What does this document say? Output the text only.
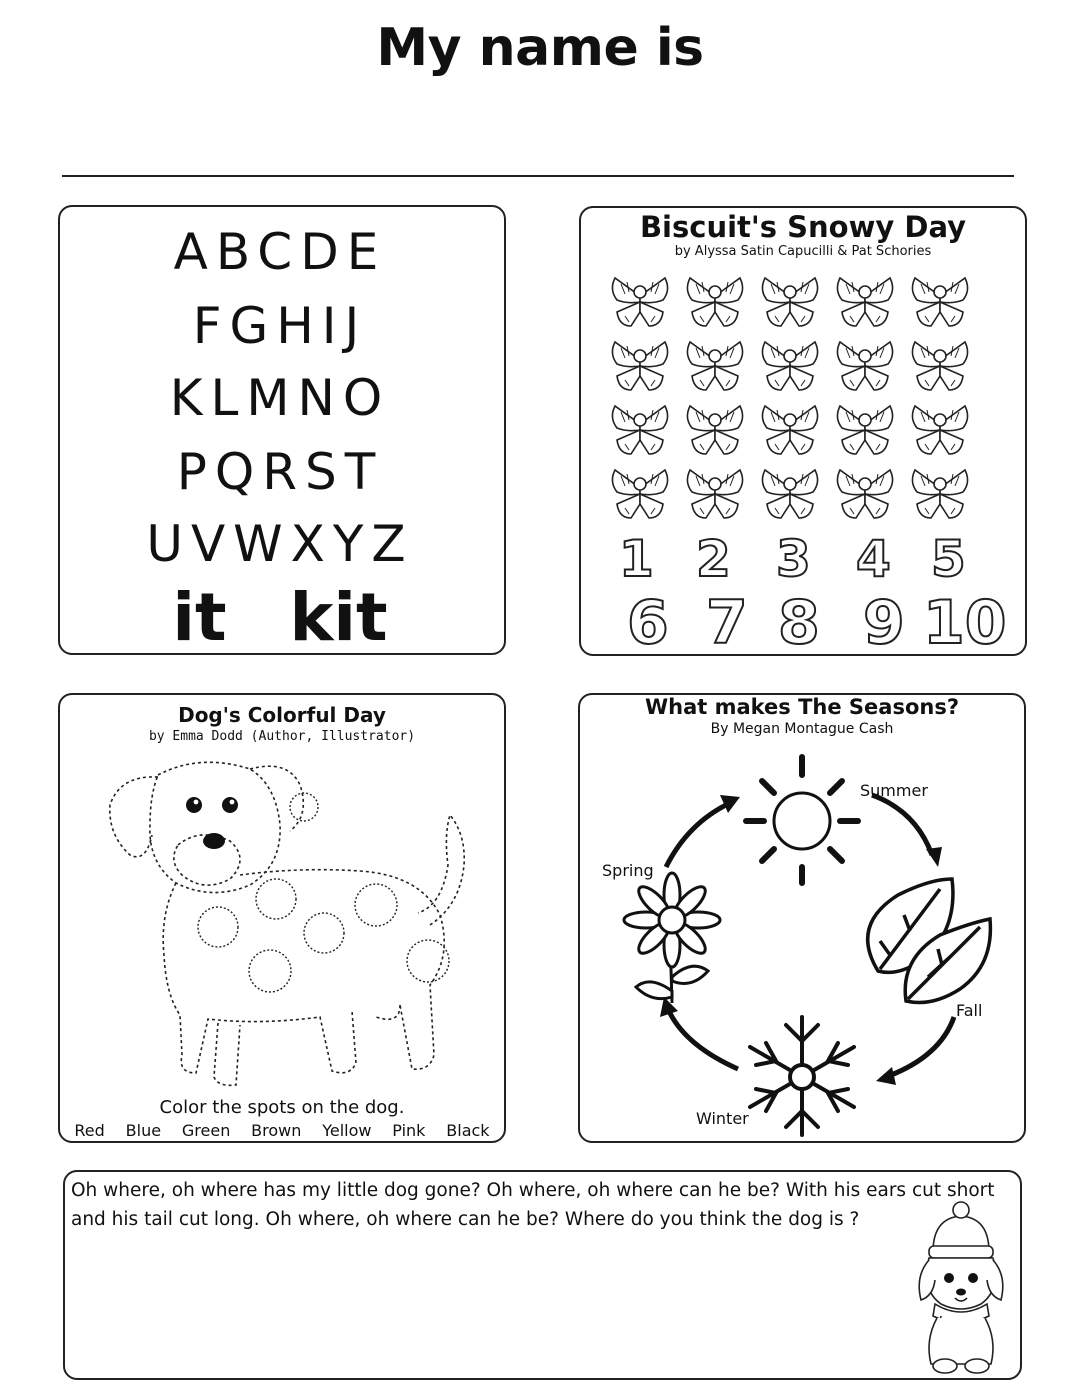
My name is
ABCDE
FGHIJ
KLMNO
PQRST
UVWXYZ
it kit
Biscuit's Snowy Day
by Alyssa Satin Capucilli & Pat Schories
1 2 3 4 5
6 7 8 9 10
Dog's Colorful Day
by Emma Dodd (Author, Illustrator)
Color the spots on the dog.
Red Blue Green Brown Yellow Pink Black
What makes The Seasons?
By Megan Montague Cash
Summer
Spring
Fall
Winter
Oh where, oh where has my little dog gone? Oh where, oh where can he be? With his ears cut short and his tail cut long. Oh where, oh where can he be? Where do you think the dog is ?
